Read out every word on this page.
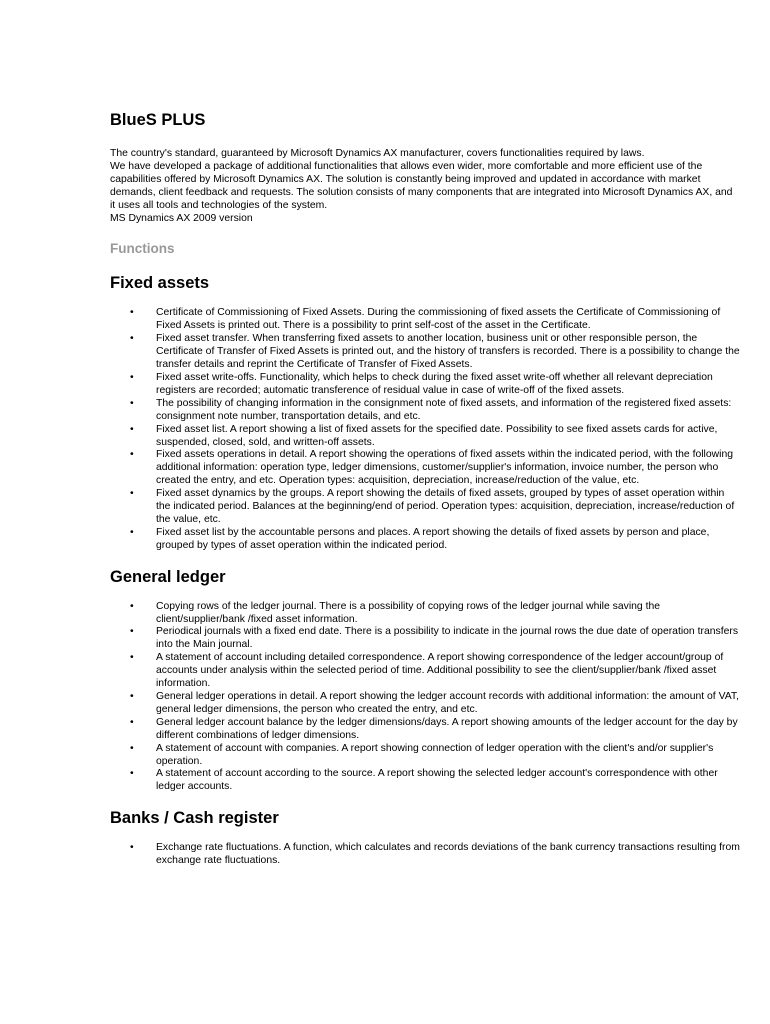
BlueS PLUS

The country's standard, guaranteed by Microsoft Dynamics AX manufacturer, covers functionalities required by laws.

We have developed a package of additional functionalities that allows even wider, more comfortable and more efficient use of the capabilities offered by Microsoft Dynamics AX. The solution is constantly being improved and updated in accordance with market demands, client feedback and requests. The solution consists of many components that are integrated into Microsoft Dynamics AX, and it uses all tools and technologies of the system.

MS Dynamics AX 2009 version

Functions
Fixed assets
• Certificate of Commissioning of Fixed Assets. During the commissioning of fixed assets the Certificate of Commissioning of Fixed Assets is printed out. There is a possibility to print self-cost of the asset in the Certificate.
• Fixed asset transfer. When transferring fixed assets to another location, business unit or other responsible person, the Certificate of Transfer of Fixed Assets is printed out, and the history of transfers is recorded. There is a possibility to change the transfer details and reprint the Certificate of Transfer of Fixed Assets.
• Fixed asset write-offs. Functionality, which helps to check during the fixed asset write-off whether all relevant depreciation registers are recorded; automatic transference of residual value in case of write-off of the fixed assets.
• The possibility of changing information in the consignment note of fixed assets, and information of the registered fixed assets: consignment note number, transportation details, and etc.
• Fixed asset list. A report showing a list of fixed assets for the specified date. Possibility to see fixed assets cards for active, suspended, closed, sold, and written-off assets.
• Fixed assets operations in detail. A report showing the operations of fixed assets within the indicated period, with the following additional information: operation type, ledger dimensions, customer/supplier's information, invoice number, the person who created the entry, and etc. Operation types: acquisition, depreciation, increase/reduction of the value, etc.
• Fixed asset dynamics by the groups. A report showing the details of fixed assets, grouped by types of asset operation within the indicated period. Balances at the beginning/end of period. Operation types: acquisition, depreciation, increase/reduction of the value, etc.
• Fixed asset list by the accountable persons and places. A report showing the details of fixed assets by person and place, grouped by types of asset operation within the indicated period.
General ledger
• Copying rows of the ledger journal. There is a possibility of copying rows of the ledger journal while saving the client/supplier/bank /fixed asset information.
• Periodical journals with a fixed end date. There is a possibility to indicate in the journal rows the due date of operation transfers into the Main journal.
• A statement of account including detailed correspondence. A report showing correspondence of the ledger account/group of accounts under analysis within the selected period of time. Additional possibility to see the client/supplier/bank /fixed asset information.
• General ledger operations in detail. A report showing the ledger account records with additional information: the amount of VAT, general ledger dimensions, the person who created the entry, and etc.
• General ledger account balance by the ledger dimensions/days. A report showing amounts of the ledger account for the day by different combinations of ledger dimensions.
• A statement of account with companies. A report showing connection of ledger operation with the client's and/or supplier's operation.
• A statement of account according to the source. A report showing the selected ledger account's correspondence with other ledger accounts.
Banks / Cash register
• Exchange rate fluctuations. A function, which calculates and records deviations of the bank currency transactions resulting from exchange rate fluctuations.
